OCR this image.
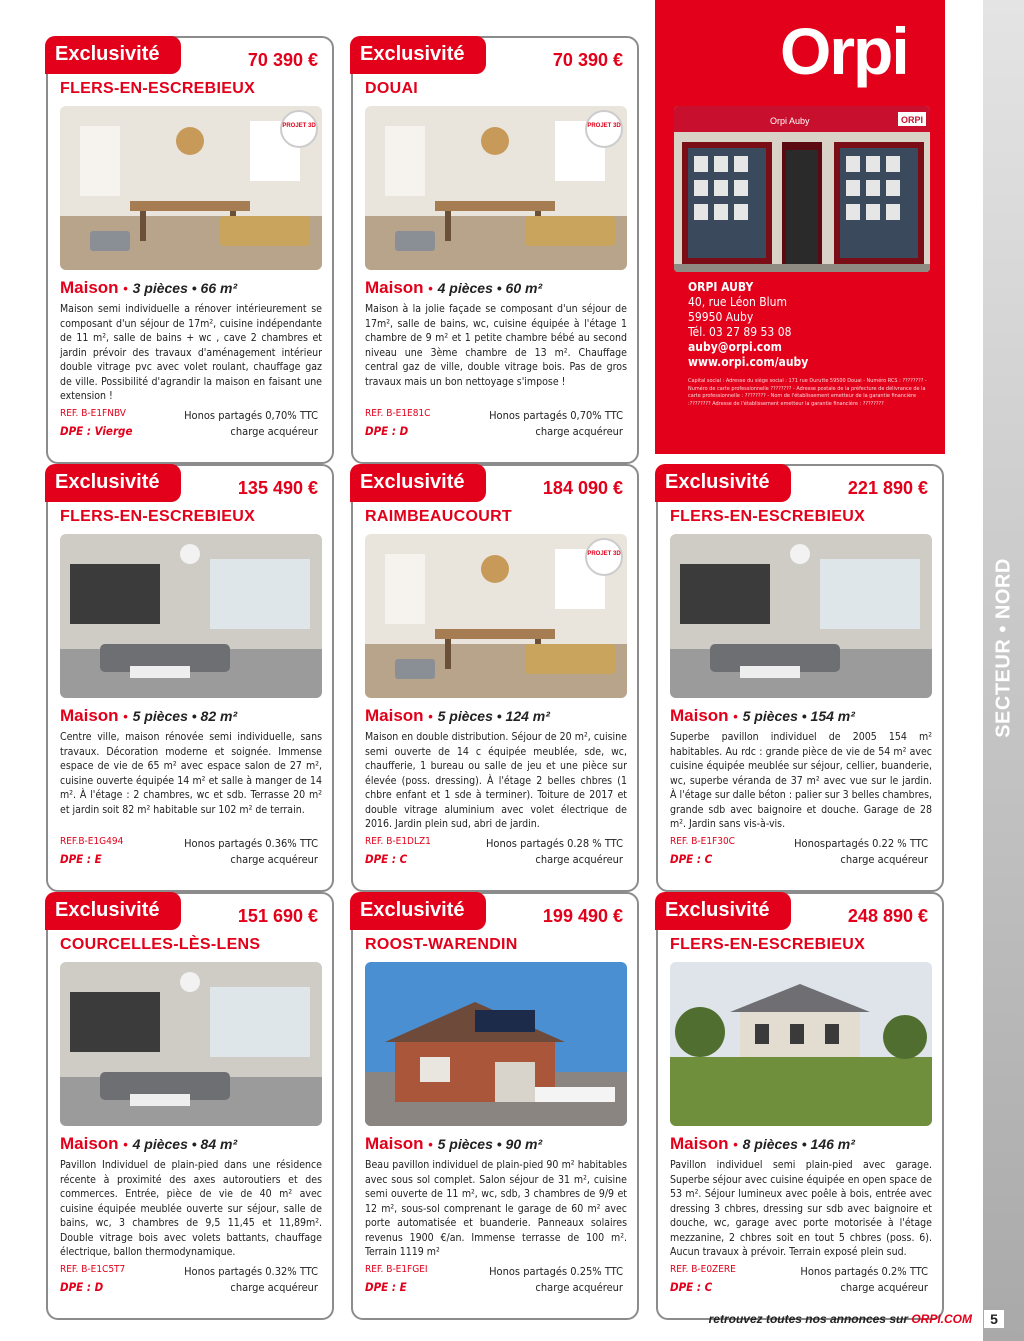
SECTEUR • NORD
Orpi
Orpi Auby	ORPI
ORPI AUBY
40, rue Léon Blum
59950 Auby
Tél. 03 27 89 53 08
auby@orpi.com
www.orpi.com/auby
Capital social : Adresse du siège social : 171 rue Durutte 59500 Douai - Numéro RCS : ???????? - Numéro de carte professionnelle ???????? - Adresse postale de la préfecture de délivrance de la carte professionnelle : ???????? - Nom de l'établissement emetteur de la garantie financière :???????? Adresse de l'établissement emetteur la garantie financière : ????????
Exclusivité	70 390 €
FLERS-EN-ESCREBIEUX
PROJET 3D
Maison • 3 pièces • 66 m²
Maison semi individuelle a rénover intérieurement se composant d'un séjour de 17m², cuisine indépendante de 11 m², salle de bains + wc , cave 2 chambres et jardin prévoir des travaux d'aménagement intérieur double vitrage pvc avec volet roulant, chauffage gaz de ville. Possibilité d'agrandir la maison en faisant une extension !
REF. B-E1FNBV
DPE : Vierge
Honos partagés 0,70% TTC
charge acquéreur
Exclusivité	70 390 €
DOUAI
PROJET 3D
Maison • 4 pièces • 60 m²
Maison à la jolie façade se composant d'un séjour de 17m², salle de bains, wc, cuisine équipée à l'étage 1 chambre de 9 m² et 1 petite chambre bébé au second niveau une 3ème chambre de 13 m². Chauffage central gaz de ville, double vitrage bois. Pas de gros travaux mais un bon nettoyage s'impose !
REF. B-E1E81C
DPE : D
Honos partagés 0,70% TTC
charge acquéreur
Exclusivité	135 490 €
FLERS-EN-ESCREBIEUX
Maison • 5 pièces • 82 m²
Centre ville, maison rénovée semi individuelle, sans travaux. Décoration moderne et soignée. Immense espace de vie de 65 m² avec espace salon de 27 m², cuisine ouverte équipée 14 m² et salle à manger de 14 m². À l'étage : 2 chambres, wc et sdb. Terrasse 20 m² et jardin soit 82 m² habitable sur 102 m² de terrain.
REF.B-E1G494
DPE : E
Honos partagés 0.36% TTC
charge acquéreur
Exclusivité	184 090 €
RAIMBEAUCOURT
PROJET 3D
Maison • 5 pièces • 124 m²
Maison en double distribution. Séjour de 20 m², cuisine semi ouverte de 14 c équipée meublée, sde, wc, chaufferie, 1 bureau ou salle de jeu et une pièce sur élevée (poss. dressing). À l'étage 2 belles chbres (1 chbre enfant et 1 sde à terminer). Toiture de 2017 et double vitrage aluminium avec volet électrique de 2016. Jardin plein sud, abri de jardin.
REF. B-E1DLZ1
DPE : C
Honos partagés 0.28 % TTC
charge acquéreur
Exclusivité	221 890 €
FLERS-EN-ESCREBIEUX
Maison • 5 pièces • 154 m²
Superbe pavillon individuel de 2005 154 m² habitables. Au rdc : grande pièce de vie de 54 m² avec cuisine équipée meublée sur séjour, cellier, buanderie, wc, superbe véranda de 37 m² avec vue sur le jardin. À l'étage sur dalle béton : palier sur 3 belles chambres, grande sdb avec baignoire et douche. Garage de 28 m². Jardin sans vis-à-vis.
REF. B-E1F30C
DPE : C
Honospartagés 0.22 % TTC
charge acquéreur
Exclusivité	151 690 €
COURCELLES-LÈS-LENS
Maison • 4 pièces • 84 m²
Pavillon Individuel de plain-pied dans une résidence récente à proximité des axes autoroutiers et des commerces. Entrée, pièce de vie de 40 m² avec cuisine équipée meublée ouverte sur séjour, salle de bains, wc, 3 chambres de 9,5 11,45 et 11,89m². Double vitrage bois avec volets battants, chauffage électrique, ballon thermodynamique.
REF. B-E1C5T7
DPE : D
Honos partagés 0.32% TTC
charge acquéreur
Exclusivité	199 490 €
ROOST-WARENDIN
Maison • 5 pièces • 90 m²
Beau pavillon individuel de plain-pied 90 m² habitables avec sous sol complet. Salon séjour de 31 m², cuisine semi ouverte de 11 m², wc, sdb, 3 chambres de 9/9 et 12 m², sous-sol comprenant le garage de 60 m² avec porte automatisée et buanderie. Panneaux solaires revenus 1900 €/an. Immense terrasse de 100 m². Terrain 1119 m²
REF. B-E1FGEI
DPE : E
Honos partagés 0.25% TTC
charge acquéreur
Exclusivité	248 890 €
FLERS-EN-ESCREBIEUX
Maison • 8 pièces • 146 m²
Pavillon individuel semi plain-pied avec garage. Superbe séjour avec cuisine équipée en open space de 53 m². Séjour lumineux avec poêle à bois, entrée avec dressing 3 chbres, dressing sur sdb avec baignoire et douche, wc, garage avec porte motorisée à l'étage mezzanine, 2 chbres soit en tout 5 chbres (poss. 6). Aucun travaux à prévoir. Terrain exposé plein sud.
REF. B-E0ZERE
DPE : C
Honos partagés 0.2% TTC
charge acquéreur
retrouvez toutes nos annonces sur ORPI.COM	5
